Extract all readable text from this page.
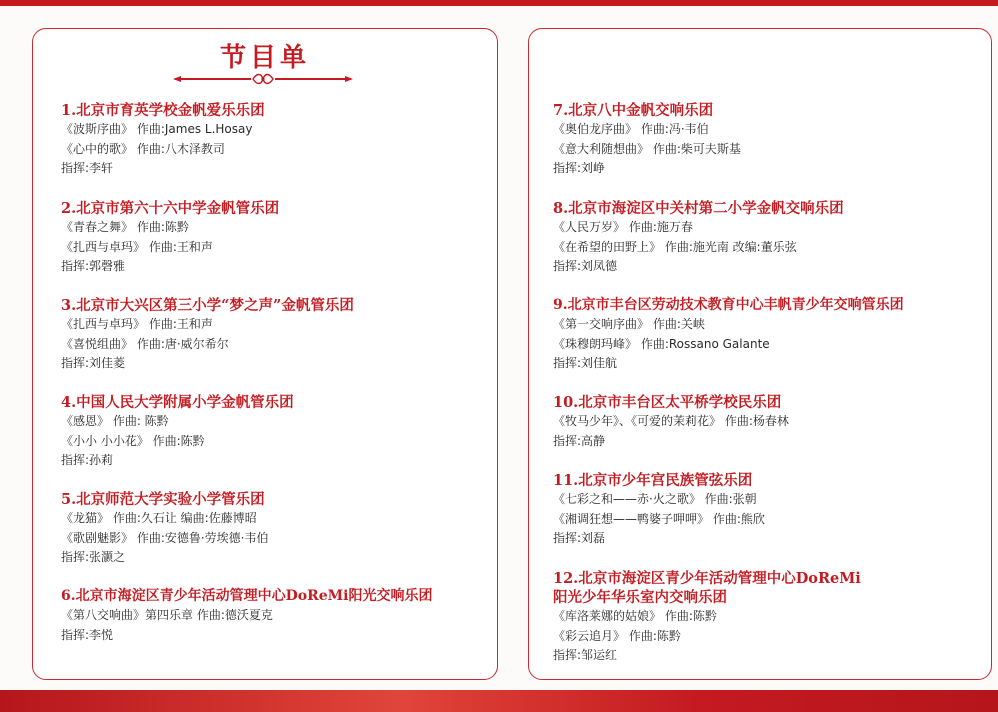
节目单
1.北京市育英学校金帆爱乐乐团
《波斯序曲》 作曲:James L.Hosay
《心中的歌》 作曲:八木泽教司
指挥:李轩
2.北京市第六十六中学金帆管乐团
《青春之舞》 作曲:陈黔
《扎西与卓玛》 作曲:王和声
指挥:郭磬雅
3.北京市大兴区第三小学“梦之声”金帆管乐团
《扎西与卓玛》 作曲:王和声
《喜悦组曲》 作曲:唐·威尔希尔
指挥:刘佳菱
4.中国人民大学附属小学金帆管乐团
《感恩》 作曲: 陈黔
《小小 小小花》 作曲:陈黔
指挥:孙莉
5.北京师范大学实验小学管乐团
《龙猫》 作曲:久石让 编曲:佐藤博昭
《歌剧魅影》 作曲:安德鲁·劳埃德·韦伯
指挥:张灏之
6.北京市海淀区青少年活动管理中心DoReMi阳光交响乐团
《第八交响曲》第四乐章 作曲:德沃夏克
指挥:李悦
7.北京八中金帆交响乐团
《奥伯龙序曲》 作曲:冯·韦伯
《意大利随想曲》 作曲:柴可夫斯基
指挥:刘峥
8.北京市海淀区中关村第二小学金帆交响乐团
《人民万岁》 作曲:施万春
《在希望的田野上》 作曲:施光南 改编:董乐弦
指挥:刘凤德
9.北京市丰台区劳动技术教育中心丰帆青少年交响管乐团
《第一交响序曲》 作曲:关峡
《珠穆朗玛峰》 作曲:Rossano Galante
指挥:刘佳航
10.北京市丰台区太平桥学校民乐团
《牧马少年》、《可爱的茉莉花》 作曲:杨春林
指挥:高静
11.北京市少年宫民族管弦乐团
《七彩之和——赤·火之歌》 作曲:张朝
《湘调狂想——鸭婆子呷呷》 作曲:熊欣
指挥:刘磊
12.北京市海淀区青少年活动管理中心DoReMi
阳光少年华乐室内交响乐团
《库洛莱娜的姑娘》 作曲:陈黔
《彩云追月》 作曲:陈黔
指挥:邹运红
